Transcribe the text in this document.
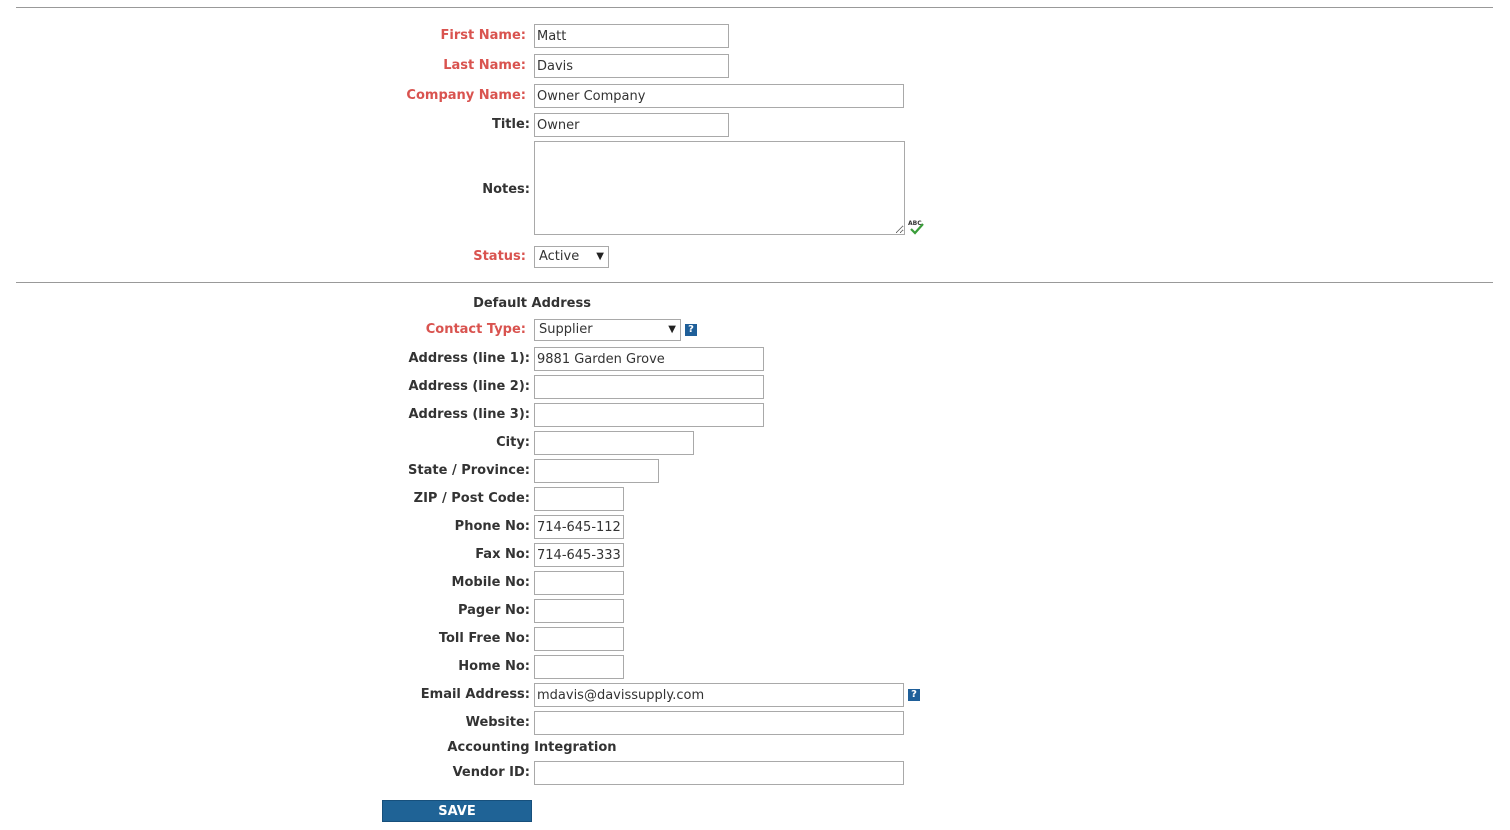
First Name:
Matt
Last Name:
Davis
Company Name:
Owner Company
Title:
Owner
Notes:
ABC
Status:	Active ▼
Default Address
Contact Type:	Supplier	▼	?
Address (line 1):
9881 Garden Grove
Address (line 2):
Address (line 3):
City:
State / Province:
ZIP / Post Code:
Phone No:
714-645-1122
Fax No:
714-645-3333
Mobile No:
Pager No:
Toll Free No:
Home No:
Email Address:
mdavis@davissupply.com	?
Website:
Accounting Integration
Vendor ID:
SAVE
